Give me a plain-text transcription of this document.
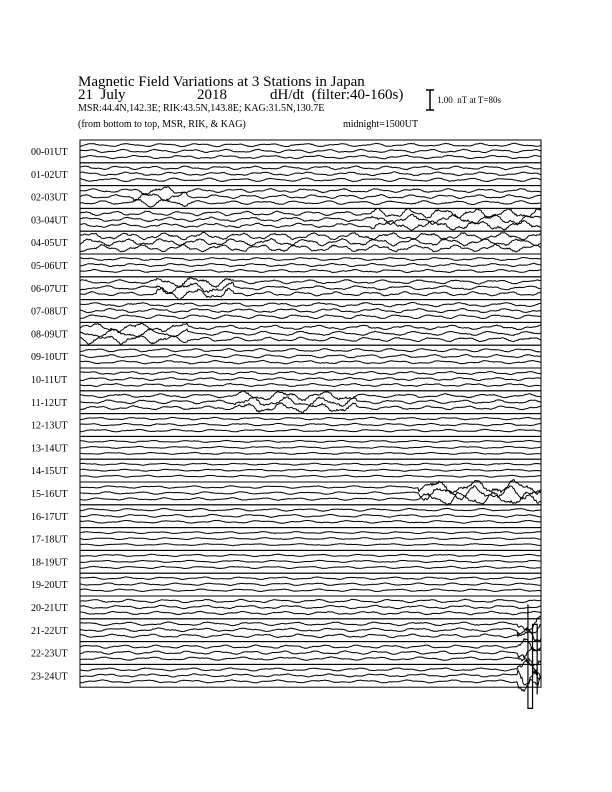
Magnetic Field Variations at 3 Stations in Japan
21  July	2018	dH/dt  (filter:40-160s)
MSR:44.4N,142.3E; RIK:43.5N,143.8E; KAG:31.5N,130.7E
(from bottom to top, MSR, RIK, & KAG)	midnight=1500UT
1.00  nT at T=80s
00-01UT
01-02UT
02-03UT
03-04UT
04-05UT
05-06UT
06-07UT
07-08UT
08-09UT
09-10UT
10-11UT
11-12UT
12-13UT
13-14UT
14-15UT
15-16UT
16-17UT
17-18UT
18-19UT
19-20UT
20-21UT
21-22UT
22-23UT
23-24UT
